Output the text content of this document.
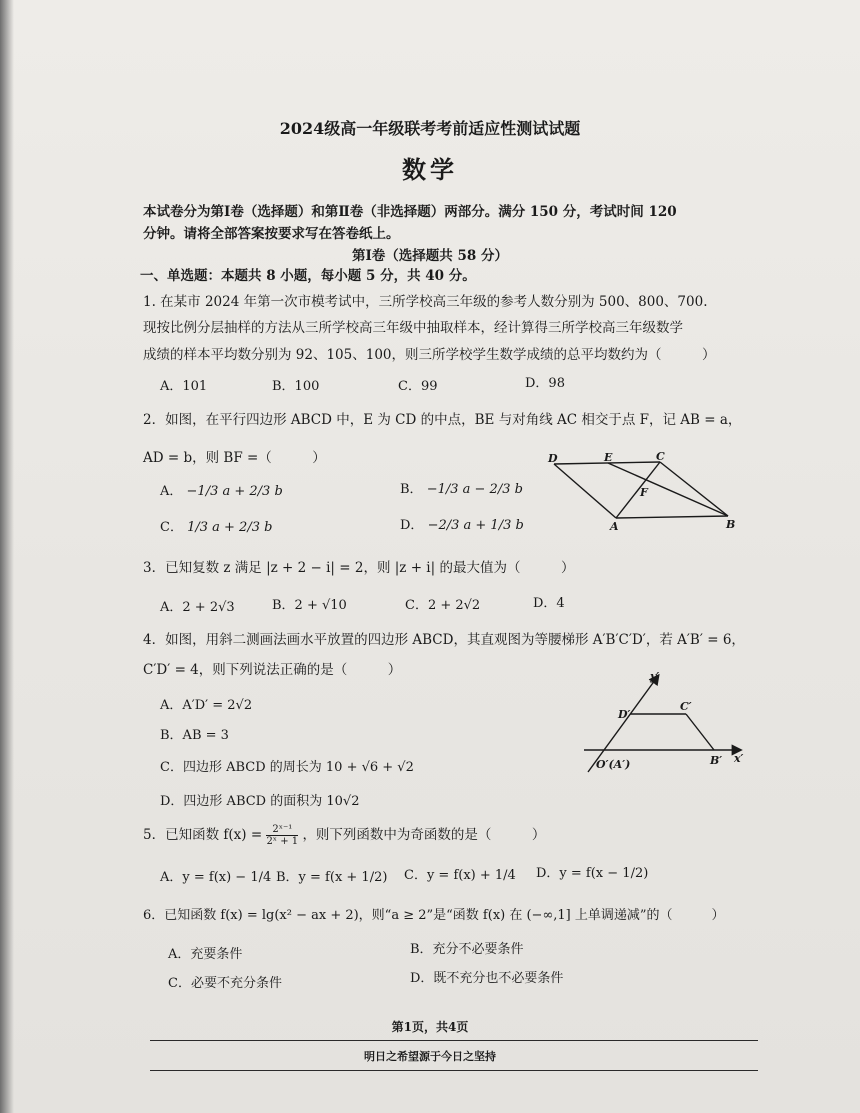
2024级高一年级联考考前适应性测试试题
数学
本试卷分为第Ⅰ卷（选择题）和第Ⅱ卷（非选择题）两部分。满分 150 分，考试时间 120
分钟。请将全部答案按要求写在答卷纸上。
第Ⅰ卷（选择题共 58 分）
一、单选题：本题共 8 小题，每小题 5 分，共 40 分。
1. 在某市 2024 年第一次市模考试中，三所学校高三年级的参考人数分别为 500、800、700.
现按比例分层抽样的方法从三所学校高三年级中抽取样本，经计算得三所学校高三年级数学
成绩的样本平均数分别为 92、105、100，则三所学校学生数学成绩的总平均数约为（　　　）
A．101	B．100	C．99	D．98
2．如图，在平行四边形 ABCD 中，E 为 CD 的中点，BE 与对角线 AC 相交于点 F，记 AB = a，
AD = b，则 BF =（　　　）
A． −1/3 a + 2/3 b	B． −1/3 a − 2/3 b
C． 1/3 a + 2/3 b	D． −2/3 a + 1/3 b
D	E	C
F
A	B
3．已知复数 z 满足 |z + 2 − i| = 2，则 |z + i| 的最大值为（　　　）
A．2 + 2√3	B．2 + √10	C．2 + 2√2	D．4
4．如图，用斜二测画法画水平放置的四边形 ABCD，其直观图为等腰梯形 A′B′C′D′，若 A′B′ = 6，
C′D′ = 4，则下列说法正确的是（　　　）
A．A′D′ = 2√2
B．AB = 3
C．四边形 ABCD 的周长为 10 + √6 + √2
D．四边形 ABCD 的面积为 10√2
y′
D′
C′
O′(A′)	B′ x′
5．已知函数 $f(x) = \frac{\text{2ˣ⁻¹}}{\text{2ˣ + 1}}$ ，则下列函数中为奇函数的是（　　　）
A．y = f(x) − 1/4 B．y = f(x + 1/2) C．y = f(x) + 1/4 D．y = f(x − 1/2)
6．已知函数 f(x) = lg(x² − ax + 2)，则“a ≥ 2”是“函数 f(x) 在 (−∞,1] 上单调递减”的（　　　）
A．充要条件	B．充分不必要条件
C．必要不充分条件	D．既不充分也不必要条件
第1页，共4页
明日之希望源于今日之坚持
